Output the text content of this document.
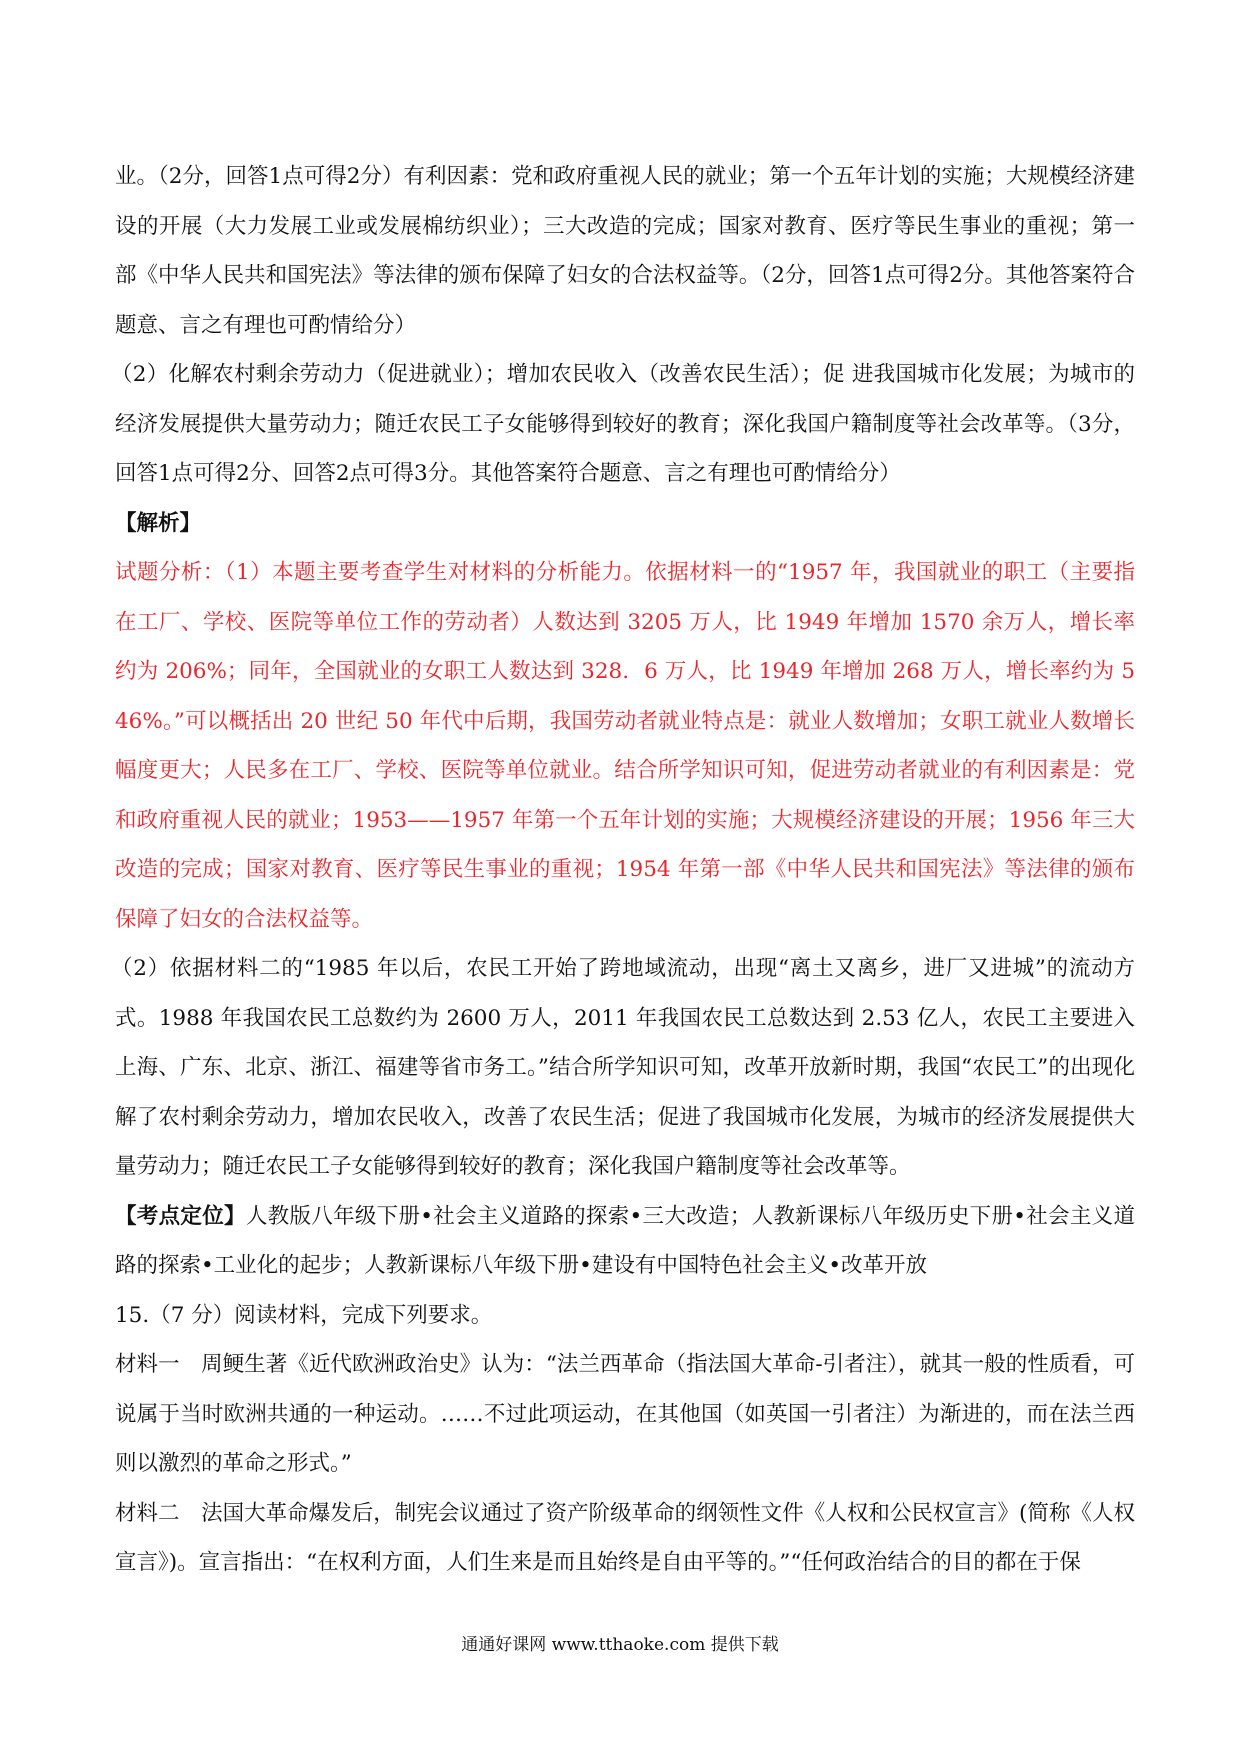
业。（2分，回答1点可得2分）有利因素：党和政府重视人民的就业；第一个五年计划的实施；大规模经济建设的开展（大力发展工业或发展棉纺织业）；三大改造的完成；国家对教育、医疗等民生事业的重视；第一部《中华人民共和国宪法》等法律的颁布保障了妇女的合法权益等。（2分，回答1点可得2分。其他答案符合题意、言之有理也可酌情给分）

（2）化解农村剩余劳动力（促进就业）；增加农民收入（改善农民生活）；促 进我国城市化发展；为城市的经济发展提供大量劳动力；随迁农民工子女能够得到较好的教育；深化我国户籍制度等社会改革等。（3分，回答1点可得2分、回答2点可得3分。其他答案符合题意、言之有理也可酌情给分）

【解析】

试题分析：（1）本题主要考查学生对材料的分析能力。依据材料一的“1957 年，我国就业的职工（主要指在工厂、学校、医院等单位工作的劳动者）人数达到 3205 万人，比 1949 年增加 1570 余万人，增长率约为 206%；同年，全国就业的女职工人数达到 328．6 万人，比 1949 年增加 268 万人，增长率约为 546%。”可以概括出 20 世纪 50 年代中后期，我国劳动者就业特点是：就业人数增加；女职工就业人数增长幅度更大；人民多在工厂、学校、医院等单位就业。结合所学知识可知，促进劳动者就业的有利因素是：党和政府重视人民的就业；1953——1957 年第一个五年计划的实施；大规模经济建设的开展；1956 年三大改造的完成；国家对教育、医疗等民生事业的重视；1954 年第一部《中华人民共和国宪法》等法律的颁布保障了妇女的合法权益等。

（2）依据材料二的“1985 年以后，农民工开始了跨地域流动，出现“离土又离乡，进厂又进城”的流动方式。1988 年我国农民工总数约为 2600 万人，2011 年我国农民工总数达到 2.53 亿人，农民工主要进入上海、广东、北京、浙江、福建等省市务工。”结合所学知识可知，改革开放新时期，我国“农民工”的出现化解了农村剩余劳动力，增加农民收入，改善了农民生活；促进了我国城市化发展，为城市的经济发展提供大量劳动力；随迁农民工子女能够得到较好的教育；深化我国户籍制度等社会改革等。

【考点定位】人教版八年级下册•社会主义道路的探索•三大改造；人教新课标八年级历史下册•社会主义道路的探索•工业化的起步；人教新课标八年级下册•建设有中国特色社会主义•改革开放

15.（7 分）阅读材料，完成下列要求。

材料一　周鲠生著《近代欧洲政治史》认为：“法兰西革命（指法国大革命-引者注），就其一般的性质看，可说属于当时欧洲共通的一种运动。……不过此项运动，在其他国（如英国一引者注）为渐进的，而在法兰西则以激烈的革命之形式。”

材料二　法国大革命爆发后，制宪会议通过了资产阶级革命的纲领性文件《人权和公民权宣言》(简称《人权宣言》)。宣言指出：“在权利方面，人们生来是而且始终是自由平等的。”“任何政治结合的目的都在于保

通通好课网 www.tthaoke.com 提供下载
